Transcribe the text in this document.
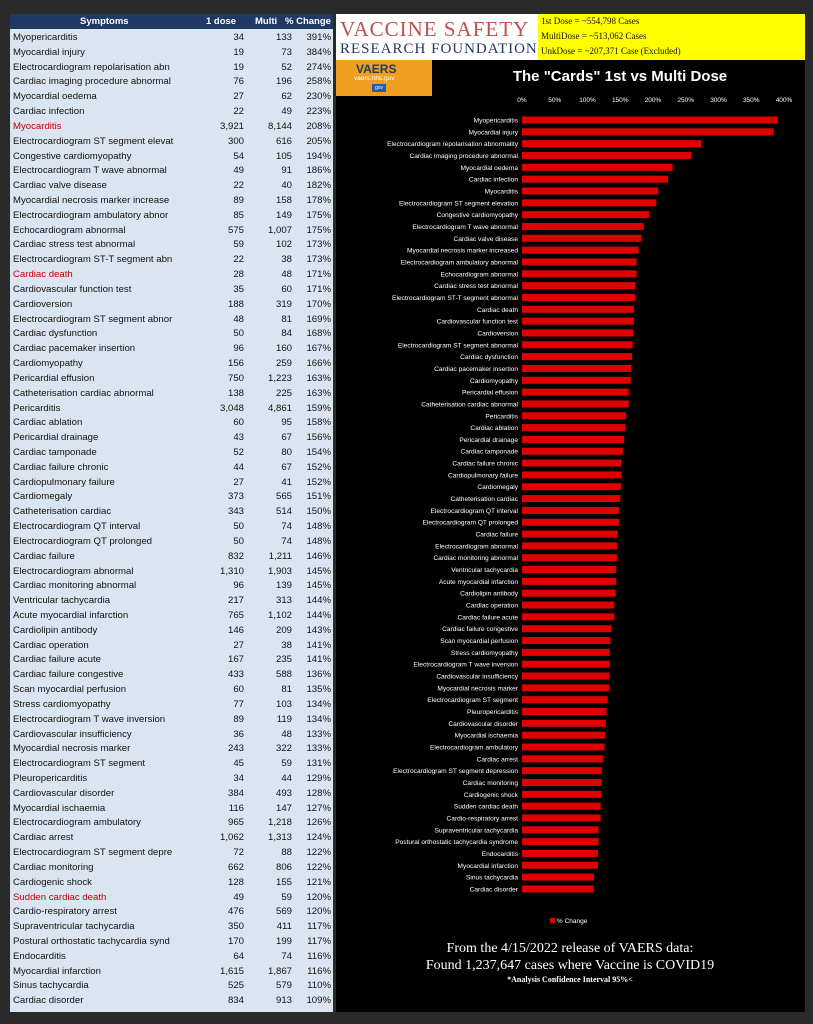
Symptoms	1 dose Multi % Change
Myopericarditis	34	133	391%
Myocardial injury	19	73	384%
Electrocardiogram repolarisation abn	19	52	274%
Cardiac imaging procedure abnormal	76	196	258%
Myocardial oedema	27	62	230%
Cardiac infection	22	49	223%
Myocarditis	3,921	8,144	208%
Electrocardiogram ST segment elevat	300	616	205%
Congestive cardiomyopathy	54	105	194%
Electrocardiogram T wave abnormal	49	91	186%
Cardiac valve disease	22	40	182%
Myocardial necrosis marker increase	89	158	178%
Electrocardiogram ambulatory abnor	85	149	175%
Echocardiogram abnormal	575	1,007	175%
Cardiac stress test abnormal	59	102	173%
Electrocardiogram ST-T segment abn	22	38	173%
Cardiac death	28	48	171%
Cardiovascular function test	35	60	171%
Cardioversion	188	319	170%
Electrocardiogram ST segment abnor	48	81	169%
Cardiac dysfunction	50	84	168%
Cardiac pacemaker insertion	96	160	167%
Cardiomyopathy	156	259	166%
Pericardial effusion	750	1,223	163%
Catheterisation cardiac abnormal	138	225	163%
Pericarditis	3,048	4,861	159%
Cardiac ablation	60	95	158%
Pericardial drainage	43	67	156%
Cardiac tamponade	52	80	154%
Cardiac failure chronic	44	67	152%
Cardiopulmonary failure	27	41	152%
Cardiomegaly	373	565	151%
Catheterisation cardiac	343	514	150%
Electrocardiogram QT interval	50	74	148%
Electrocardiogram QT prolonged	50	74	148%
Cardiac failure	832	1,211	146%
Electrocardiogram abnormal	1,310	1,903	145%
Cardiac monitoring abnormal	96	139	145%
Ventricular tachycardia	217	313	144%
Acute myocardial infarction	765	1,102	144%
Cardiolipin antibody	146	209	143%
Cardiac operation	27	38	141%
Cardiac failure acute	167	235	141%
Cardiac failure congestive	433	588	136%
Scan myocardial perfusion	60	81	135%
Stress cardiomyopathy	77	103	134%
Electrocardiogram T wave inversion	89	119	134%
Cardiovascular insufficiency	36	48	133%
Myocardial necrosis marker	243	322	133%
Electrocardiogram ST segment	45	59	131%
Pleuropericarditis	34	44	129%
Cardiovascular disorder	384	493	128%
Myocardial ischaemia	116	147	127%
Electrocardiogram ambulatory	965	1,218	126%
Cardiac arrest	1,062	1,313	124%
Electrocardiogram ST segment depre	72	88	122%
Cardiac monitoring	662	806	122%
Cardiogenic shock	128	155	121%
Sudden cardiac death	49	59	120%
Cardio-respiratory arrest	476	569	120%
Supraventricular tachycardia	350	411	117%
Postural orthostatic tachycardia synd	170	199	117%
Endocarditis	64	74	116%
Myocardial infarction	1,615	1,867	116%
Sinus tachycardia	525	579	110%
Cardiac disorder	834	913	109%
VACCINE SAFETY
RESEARCH FOUNDATION
1st Dose = ~554,798 Cases
MultiDose = ~513,062 Cases
UnkDose = ~207,371 Case (Excluded)
VAERS
vaers.hhs.gov
gov
The "Cards" 1st vs Multi Dose
0%	50%	100% 150% 200% 250% 300% 350% 400%
Myopericarditis
Myocardial injury
Electrocardiogram repolarisation abnormality
Cardiac imaging procedure abnormal
Myocardial oedema
Cardiac infection
Myocarditis
Electrocardiogram ST segment elevation
Congestive cardiomyopathy
Electrocardiogram T wave abnormal
Cardiac valve disease
Myocardial necrosis marker increased
Electrocardiogram ambulatory abnormal
Echocardiogram abnormal
Cardiac stress test abnormal
Electrocardiogram ST-T segment abnormal
Cardiac death
Cardiovascular function test
Cardioversion
Electrocardiogram ST segment abnormal
Cardiac dysfunction
Cardiac pacemaker insertion
Cardiomyopathy
Pericardial effusion
Catheterisation cardiac abnormal
Pericarditis
Cardiac ablation
Pericardial drainage
Cardiac tamponade
Cardiac failure chronic
Cardiopulmonary failure
Cardiomegaly
Catheterisation cardiac
Electrocardiogram QT interval
Electrocardiogram QT prolonged
Cardiac failure
Electrocardiogram abnormal
Cardiac monitoring abnormal
Ventricular tachycardia
Acute myocardial infarction
Cardiolipin antibody
Cardiac operation
Cardiac failure acute
Cardiac failure congestive
Scan myocardial perfusion
Stress cardiomyopathy
Electrocardiogram T wave inversion
Cardiovascular insufficiency
Myocardial necrosis marker
Electrocardiogram ST segment
Pleuropericarditis
Cardiovascular disorder
Myocardial ischaemia
Electrocardiogram ambulatory
Cardiac arrest
Electrocardiogram ST segment depression
Cardiac monitoring
Cardiogenic shock
Sudden cardiac death
Cardio-respiratory arrest
Supraventricular tachycardia
Postural orthostatic tachycardia syndrome
Endocarditis
Myocardial infarction
Sinus tachycardia
Cardiac disorder
% Change
From the 4/15/2022 release of VAERS data:
Found 1,237,647 cases where Vaccine is COVID19
*Analysis Confidence Interval 95%<
